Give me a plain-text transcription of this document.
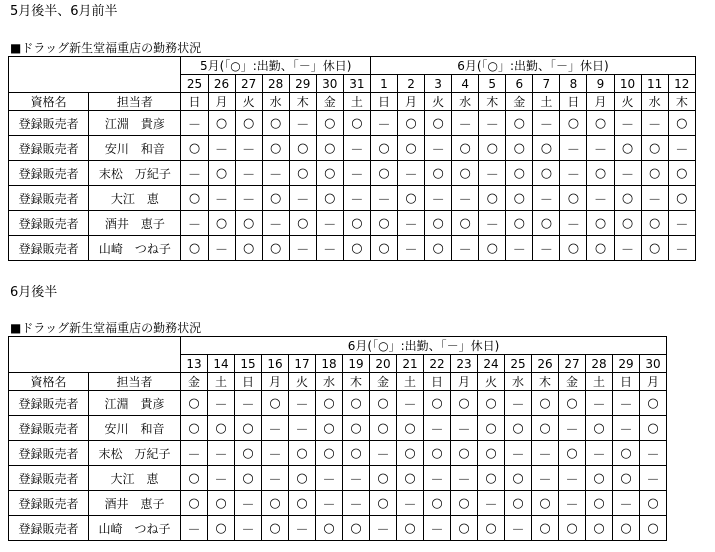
5月後半、6月前半
■ドラッグ新生堂福重店の勤務状況
		5月(「○」:出勤、「－」休日)							6月(「○」:出勤、「－」休日)											
		25	26	27	28	29	30	31	1	2	3	4	5	6	7	8	9	10	11	12
資格名	担当者	日	月	火	水	木	金	土	日	月	火	水	木	金	土	日	月	火	水	木
登録販売者	江淵　貴彦	－	○	○	○	－	○	○	－	○	○	－	－	○	－	○	○	－	－	○
登録販売者	安川　和音	○	－	－	○	○	○	－	○	○	－	○	○	○	○	－	－	○	○	－
登録販売者	末松　万紀子	－	○	－	－	○	○	－	○	－	○	○	－	○	○	－	○	－	○	○
登録販売者	大江　恵	○	－	－	○	－	○	－	－	○	－	－	○	○	－	○	－	○	－	○
登録販売者	酒井　恵子	－	○	○	－	○	－	○	○	－	○	○	－	○	○	－	○	○	○	－
登録販売者	山崎　つね子	○	－	○	○	－	－	○	○	－	○	－	○	－	－	○	○	－	○	－
6月後半
■ドラッグ新生堂福重店の勤務状況
		6月(「○」:出勤、「－」休日)																	
		13	14	15	16	17	18	19	20	21	22	23	24	25	26	27	28	29	30
資格名	担当者	金	土	日	月	火	水	木	金	土	日	月	火	水	木	金	土	日	月
登録販売者	江淵　貴彦	○	－	－	○	－	○	○	○	－	○	○	○	－	○	○	－	－	○
登録販売者	安川　和音	○	○	○	－	－	○	○	○	○	－	－	○	○	○	－	○	－	○
登録販売者	末松　万紀子	－	－	○	－	○	○	○	－	○	○	○	○	－	－	○	－	○	－
登録販売者	大江　恵	○	－	○	－	○	－	－	○	○	－	－	○	○	－	－	○	○	－
登録販売者	酒井　恵子	○	○	－	○	○	－	－	○	－	○	○	－	○	○	－	○	－	○
登録販売者	山崎　つね子	－	○	－	○	－	○	○	－	○	－	○	○	－	○	○	○	○	○
